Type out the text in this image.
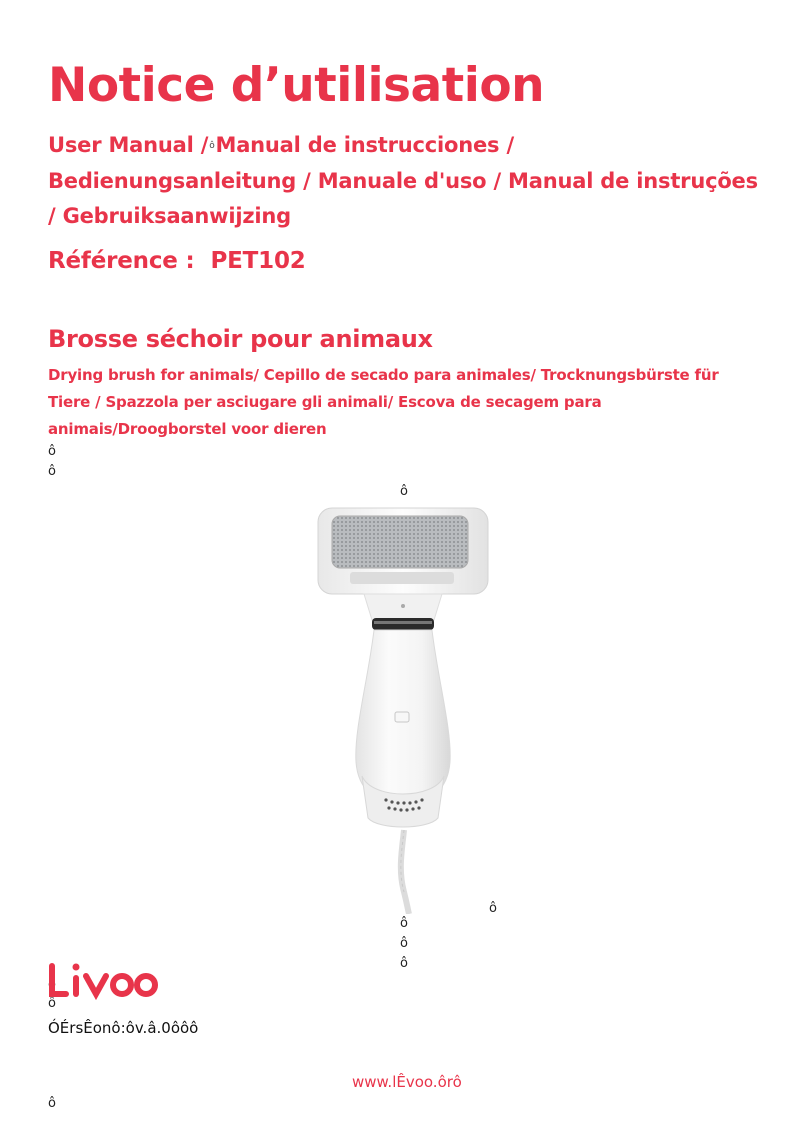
Notice d’utilisation
User Manual /ôManual de instrucciones / Bedienungsanleitung / Manuale d'uso / Manual de instruções / Gebruiksaanwijzing
Référence : PET102
Brosse séchoir pour animaux
Drying brush for animals/ Cepillo de secado para animales/ Trocknungsbürste für Tiere / Spazzola per asciugare gli animali/ Escova de secagem para animais/Droogborstel voor dieren
ô
ô
ô
ô
ô
ô
ô
ô
ô
ô
ÓÉrsÊonô:ôv.â.0ôôô
www.lÊvoo.ôrô
